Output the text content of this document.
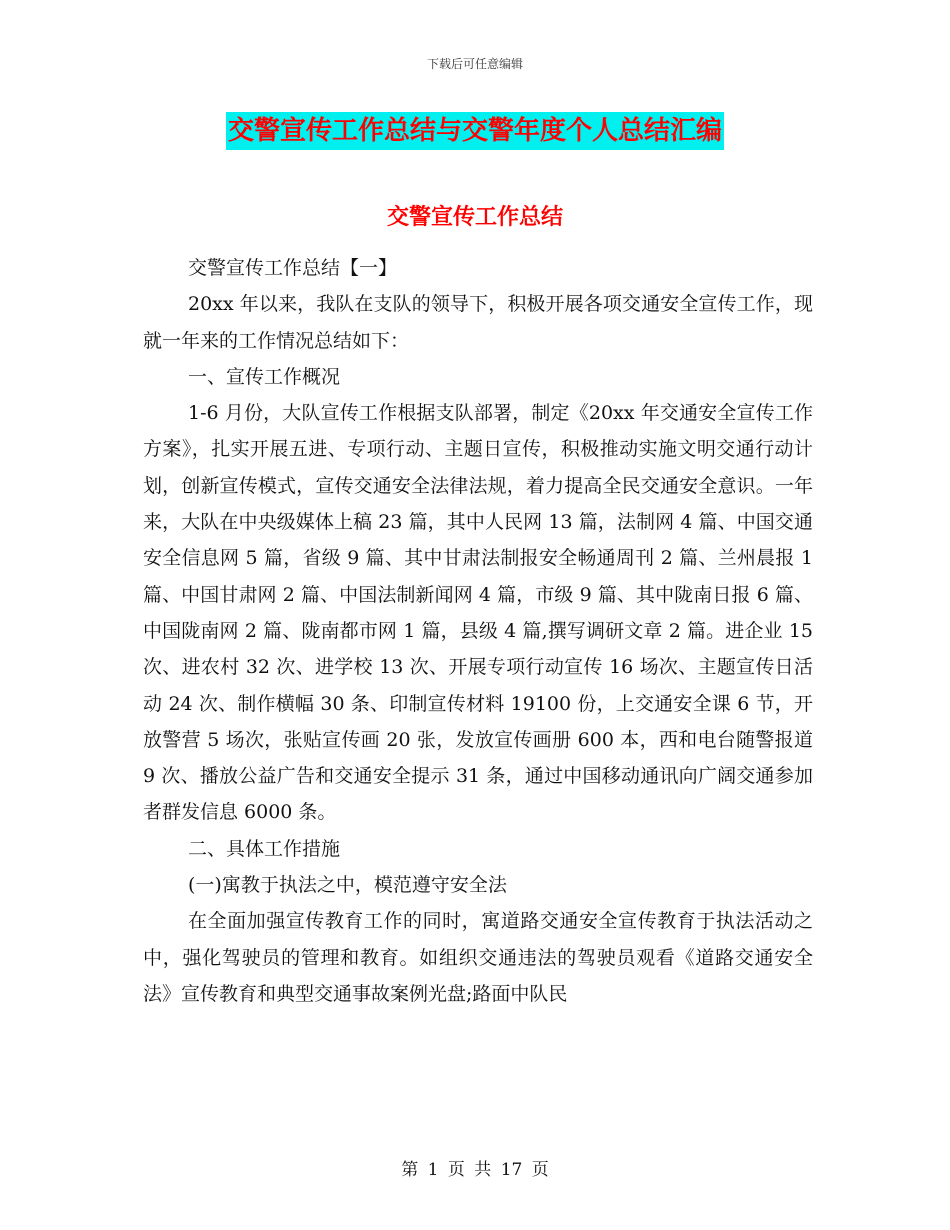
下载后可任意编辑
交警宣传工作总结与交警年度个人总结汇编
交警宣传工作总结

交警宣传工作总结【一】

20xx 年以来，我队在支队的领导下，积极开展各项交通安全宣传工作，现就一年来的工作情况总结如下：

一、宣传工作概况

1-6 月份，大队宣传工作根据支队部署，制定《20xx 年交通安全宣传工作方案》，扎实开展五进、专项行动、主题日宣传，积极推动实施文明交通行动计划，创新宣传模式，宣传交通安全法律法规，着力提高全民交通安全意识。一年来，大队在中央级媒体上稿 23 篇，其中人民网 13 篇，法制网 4 篇、中国交通安全信息网 5 篇，省级 9 篇、其中甘肃法制报安全畅通周刊 2 篇、兰州晨报 1 篇、中国甘肃网 2 篇、中国法制新闻网 4 篇，市级 9 篇、其中陇南日报 6 篇、中国陇南网 2 篇、陇南都市网 1 篇，县级 4 篇,撰写调研文章 2 篇。进企业 15 次、进农村 32 次、进学校 13 次、开展专项行动宣传 16 场次、主题宣传日活动 24 次、制作横幅 30 条、印制宣传材料 19100 份，上交通安全课 6 节，开放警营 5 场次，张贴宣传画 20 张，发放宣传画册 600 本，西和电台随警报道 9 次、播放公益广告和交通安全提示 31 条，通过中国移动通讯向广阔交通参加者群发信息 6000 条。

二、具体工作措施

(一)寓教于执法之中，模范遵守安全法

在全面加强宣传教育工作的同时，寓道路交通安全宣传教育于执法活动之中，强化驾驶员的管理和教育。如组织交通违法的驾驶员观看《道路交通安全法》宣传教育和典型交通事故案例光盘;路面中队民

第 1 页 共 17 页
